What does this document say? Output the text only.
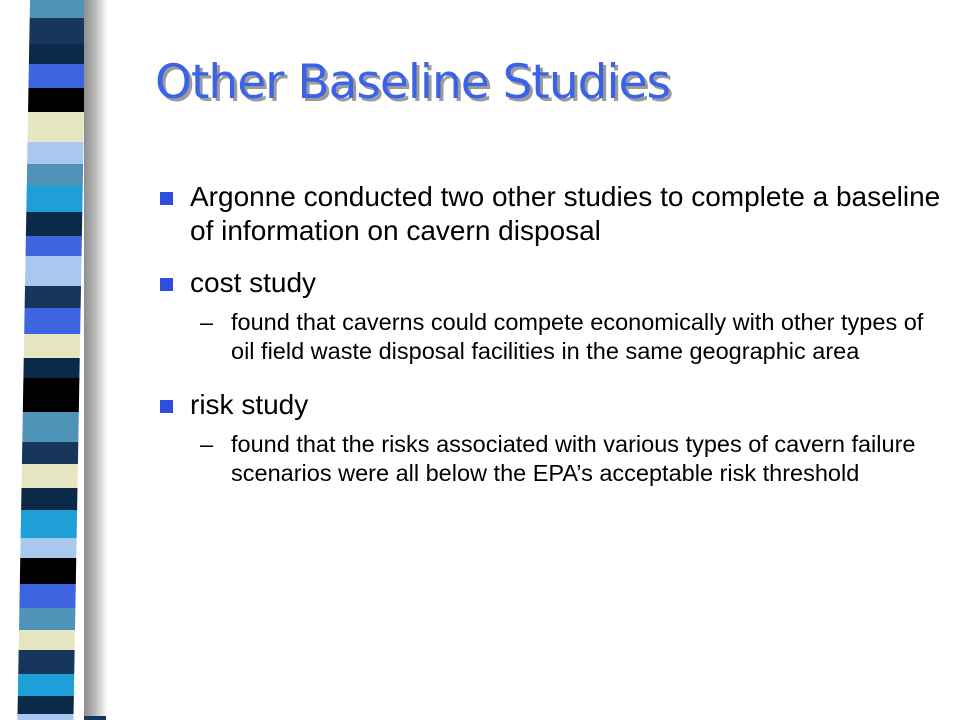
Other Baseline Studies
Argonne conducted two other studies to complete a baseline of information on cavern disposal
cost study
– found that caverns could compete economically with other types of oil field waste disposal facilities in the same geographic area
risk study
– found that the risks associated with various types of cavern failure scenarios were all below the EPA’s acceptable risk threshold
